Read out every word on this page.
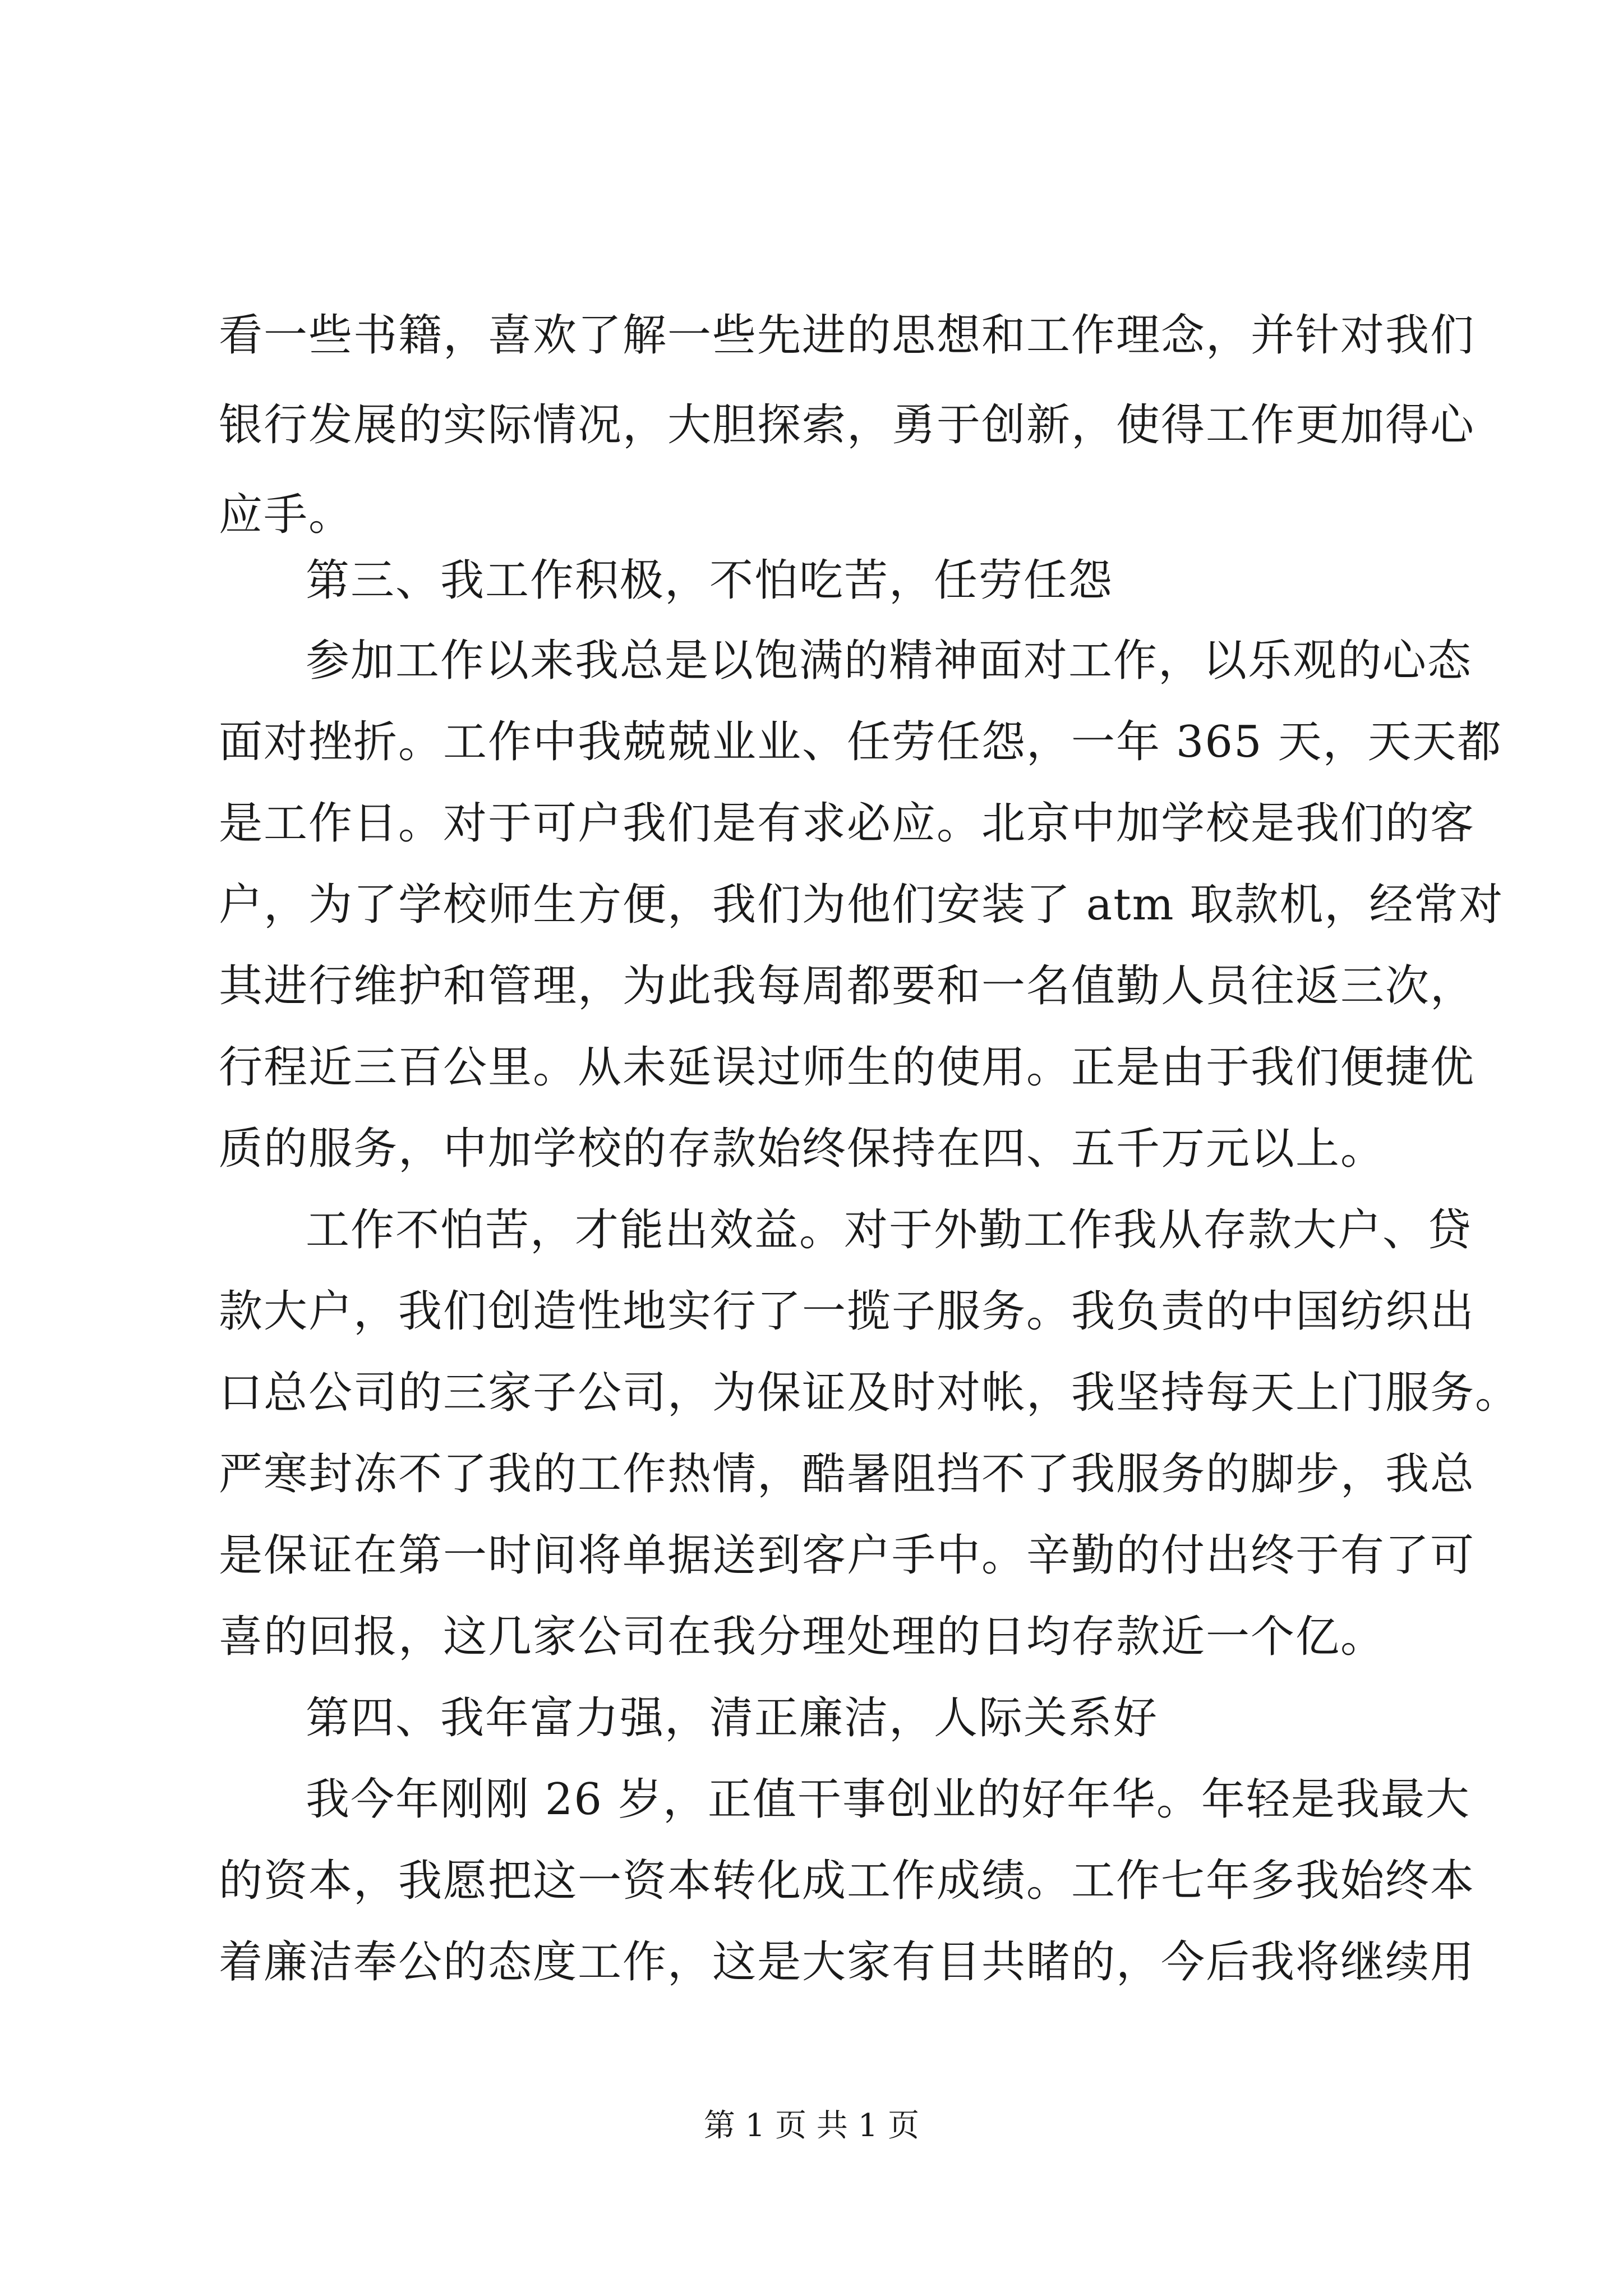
看一些书籍，喜欢了解一些先进的思想和工作理念，并针对我们
银行发展的实际情况，大胆探索，勇于创新，使得工作更加得心
应手。
第三、我工作积极，不怕吃苦，任劳任怨
参加工作以来我总是以饱满的精神面对工作，以乐观的心态
面对挫折。工作中我兢兢业业、任劳任怨，一年 365 天，天天都
是工作日。对于可户我们是有求必应。北京中加学校是我们的客
户，为了学校师生方便，我们为他们安装了 atm 取款机，经常对
其进行维护和管理，为此我每周都要和一名值勤人员往返三次，
行程近三百公里。从未延误过师生的使用。正是由于我们便捷优
质的服务，中加学校的存款始终保持在四、五千万元以上。
工作不怕苦，才能出效益。对于外勤工作我从存款大户、贷
款大户，我们创造性地实行了一揽子服务。我负责的中国纺织出
口总公司的三家子公司，为保证及时对帐，我坚持每天上门服务。
严寒封冻不了我的工作热情，酷暑阻挡不了我服务的脚步，我总
是保证在第一时间将单据送到客户手中。辛勤的付出终于有了可
喜的回报，这几家公司在我分理处理的日均存款近一个亿。
第四、我年富力强，清正廉洁，人际关系好
我今年刚刚 26 岁，正值干事创业的好年华。年轻是我最大
的资本，我愿把这一资本转化成工作成绩。工作七年多我始终本
着廉洁奉公的态度工作，这是大家有目共睹的，今后我将继续用
第 1 页 共 1 页
